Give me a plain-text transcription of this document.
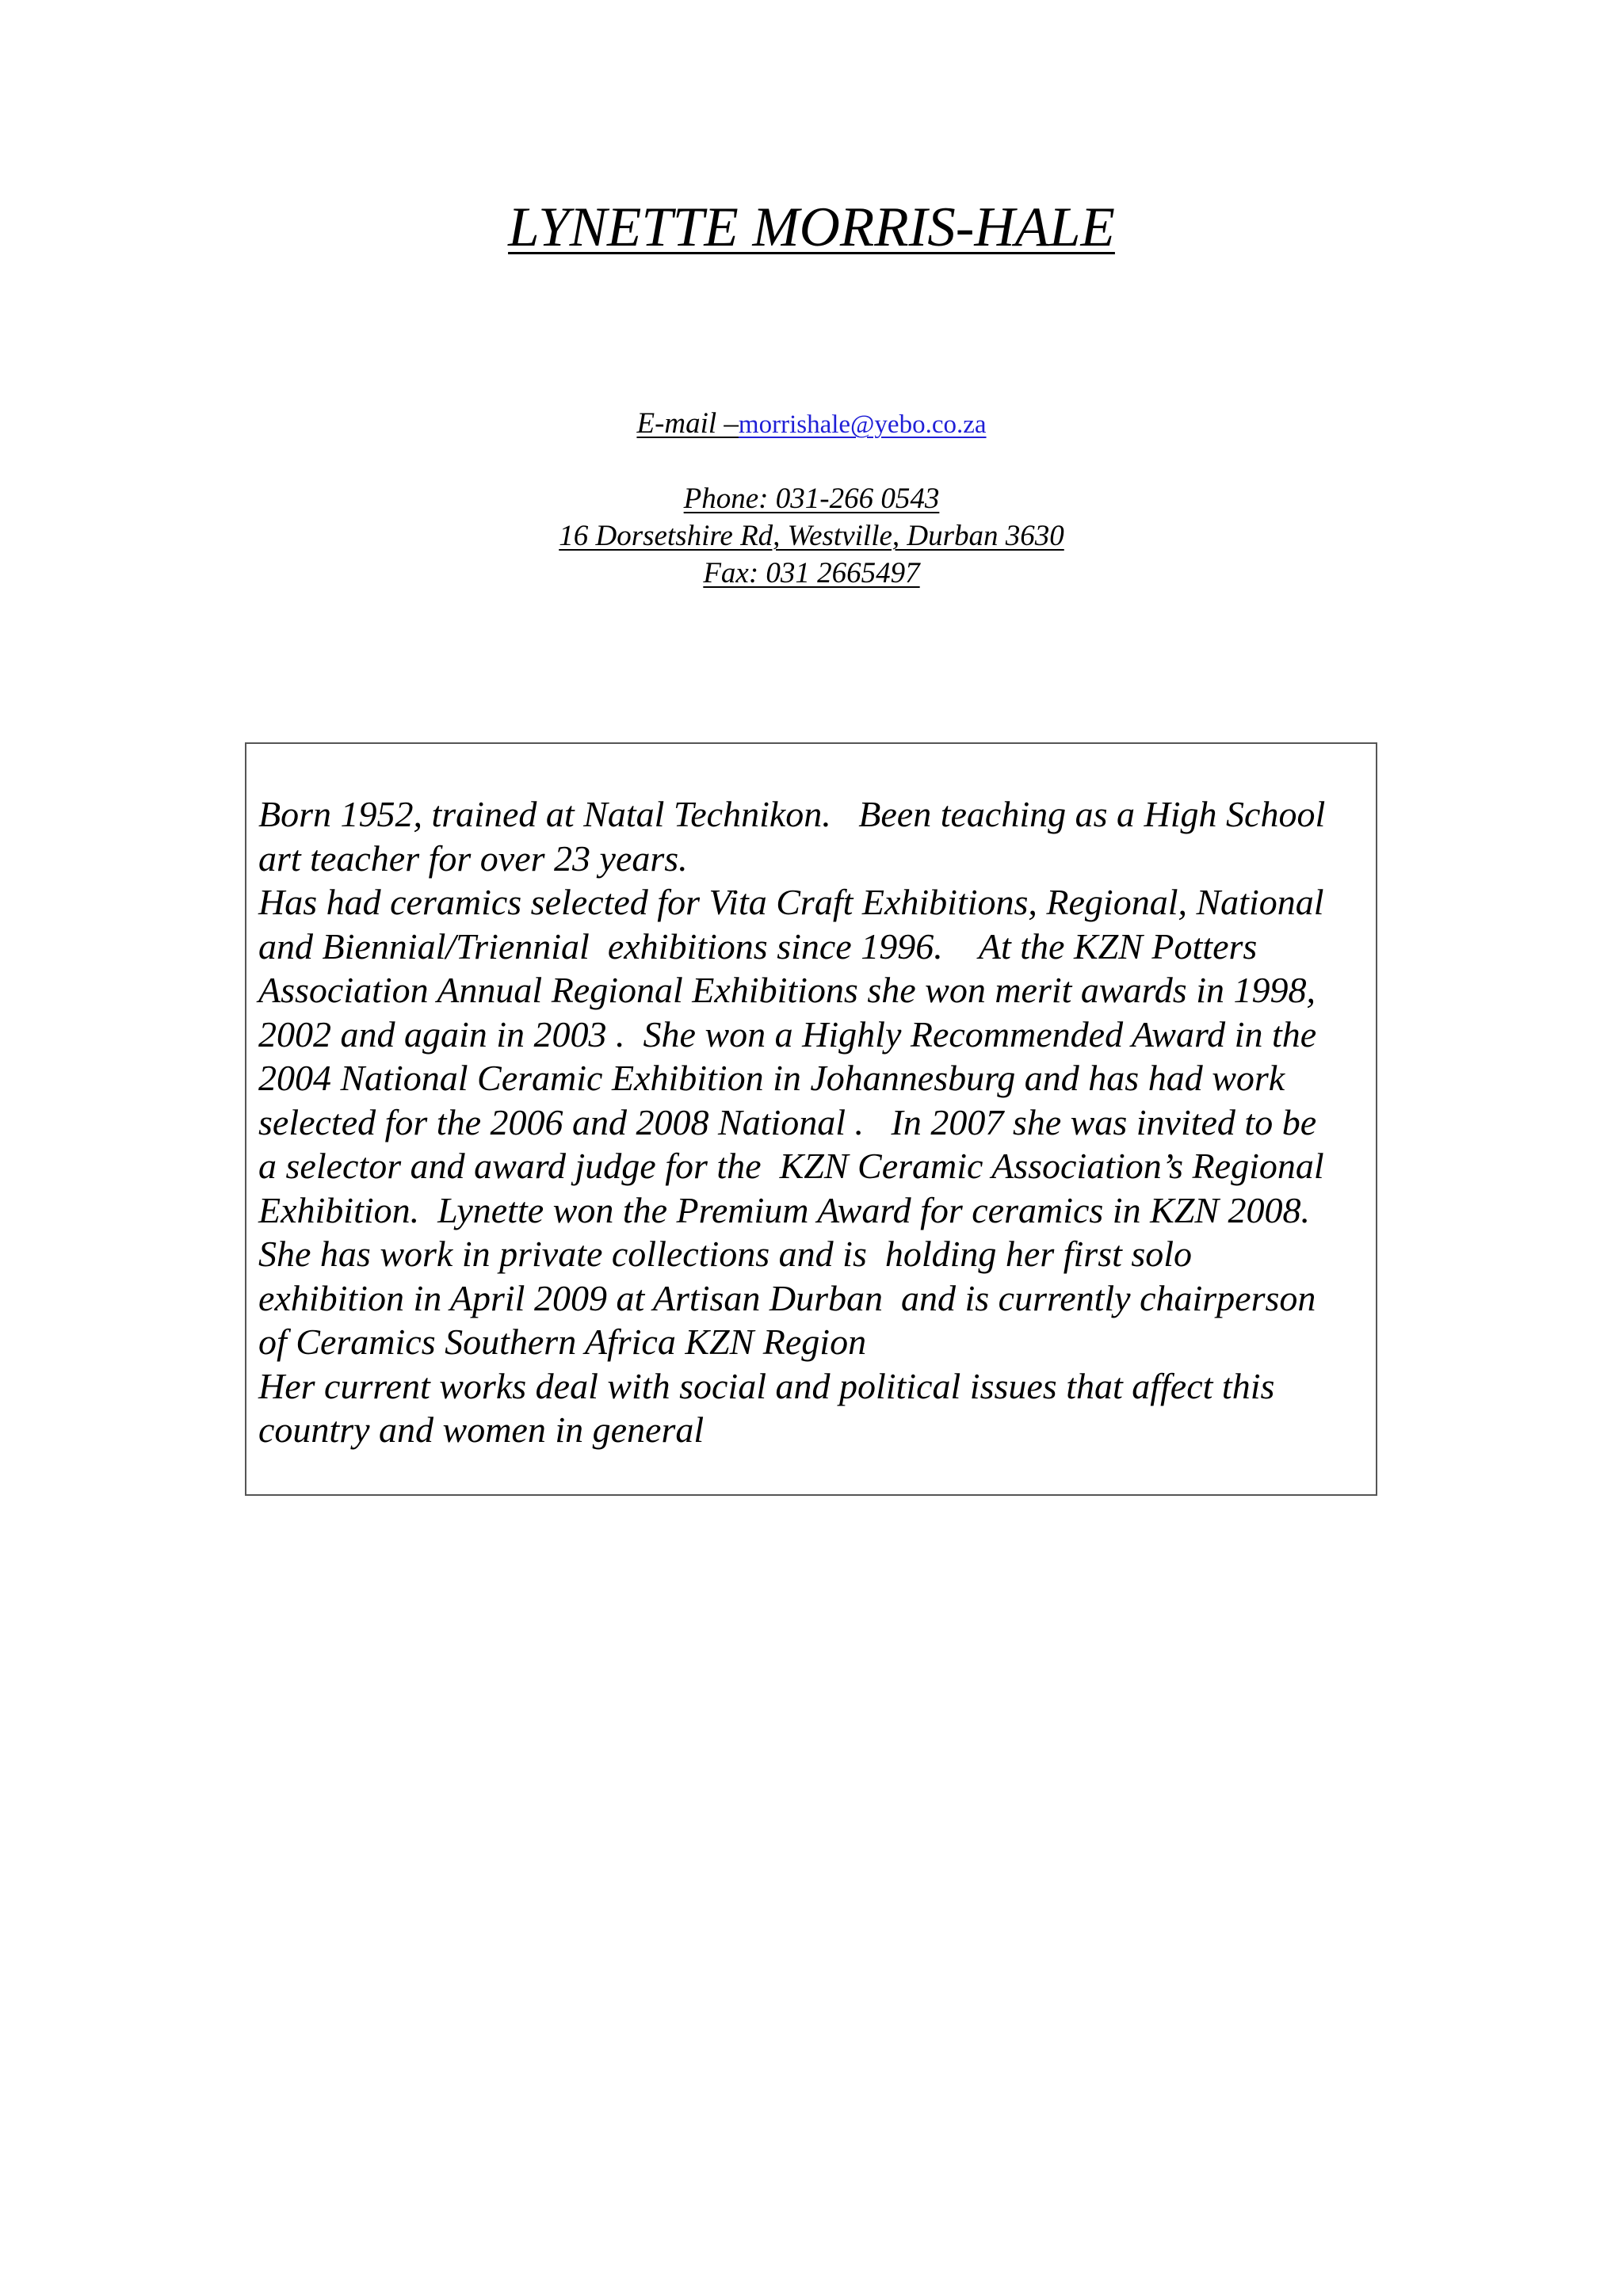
LYNETTE MORRIS-HALE
E-mail –morrishale@yebo.co.za
Phone: 031-266 0543
16 Dorsetshire Rd, Westville, Durban 3630
Fax: 031 2665497
Born 1952, trained at Natal Technikon.   Been teaching as a High School
art teacher for over 23 years.
Has had ceramics selected for Vita Craft Exhibitions, Regional, National
and Biennial/Triennial  exhibitions since 1996.    At the KZN Potters
Association Annual Regional Exhibitions she won merit awards in 1998,
2002 and again in 2003 .  She won a Highly Recommended Award in the
2004 National Ceramic Exhibition in Johannesburg and has had work
selected for the 2006 and 2008 National .   In 2007 she was invited to be
a selector and award judge for the  KZN Ceramic Association’s Regional
Exhibition.  Lynette won the Premium Award for ceramics in KZN 2008.
She has work in private collections and is  holding her first solo
exhibition in April 2009 at Artisan Durban  and is currently chairperson
of Ceramics Southern Africa KZN Region
Her current works deal with social and political issues that affect this
country and women in general
